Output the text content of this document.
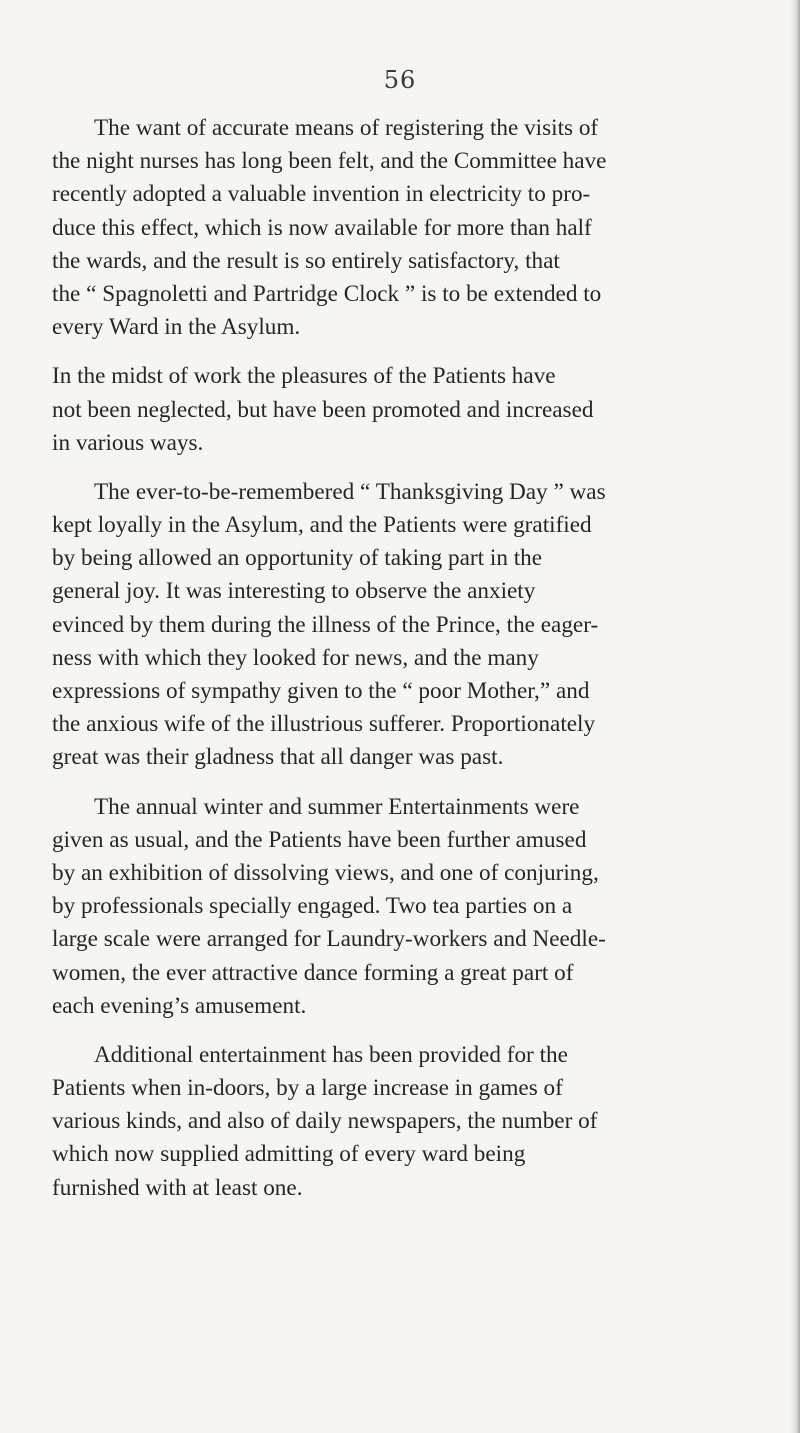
56
The want of accurate means of registering the visits of
the night nurses has long been felt, and the Committee have
recently adopted a valuable invention in electricity to pro-
duce this effect, which is now available for more than half
the wards, and the result is so entirely satisfactory, that
the “ Spagnoletti and Partridge Clock ” is to be extended to
every Ward in the Asylum.
In the midst of work the pleasures of the Patients have
not been neglected, but have been promoted and increased
in various ways.
The ever-to-be-remembered “ Thanksgiving Day ” was
kept loyally in the Asylum, and the Patients were gratified
by being allowed an opportunity of taking part in the
general joy. It was interesting to observe the anxiety
evinced by them during the illness of the Prince, the eager-
ness with which they looked for news, and the many
expressions of sympathy given to the “ poor Mother,” and
the anxious wife of the illustrious sufferer. Proportionately
great was their gladness that all danger was past.
The annual winter and summer Entertainments were
given as usual, and the Patients have been further amused
by an exhibition of dissolving views, and one of conjuring,
by professionals specially engaged. Two tea parties on a
large scale were arranged for Laundry-workers and Needle-
women, the ever attractive dance forming a great part of
each evening’s amusement.
Additional entertainment has been provided for the
Patients when in-doors, by a large increase in games of
various kinds, and also of daily newspapers, the number of
which now supplied admitting of every ward being
furnished with at least one.
